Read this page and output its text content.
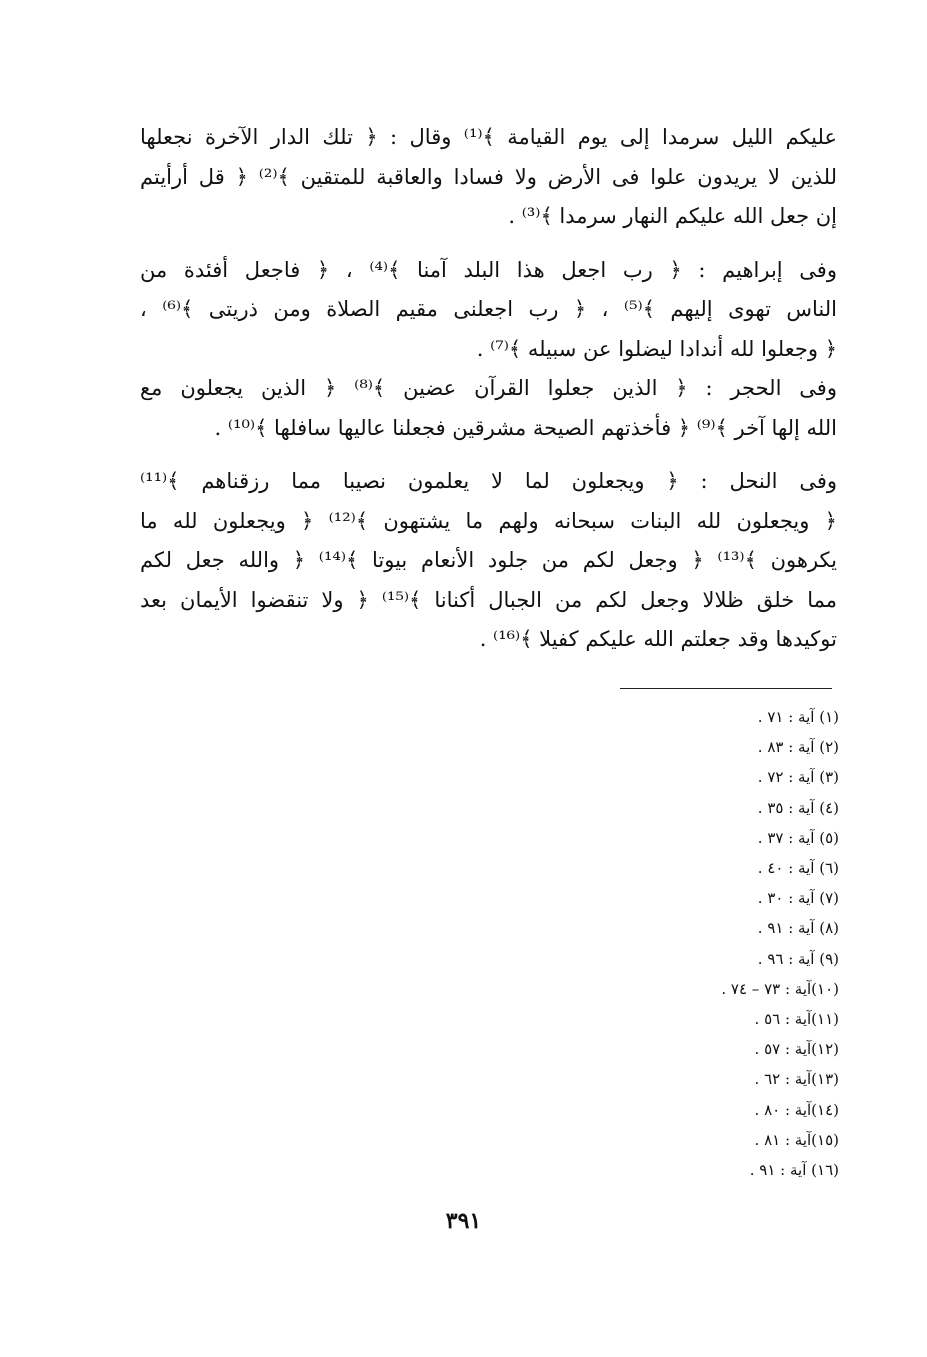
عليكم الليل سرمدا إلى يوم القيامة ﴾⁽¹⁾ وقال : ﴿ تلك الدار الآخرة نجعلها
للذين لا يريدون علوا فى الأرض ولا فسادا والعاقبة للمتقين ﴾⁽²⁾ ﴿ قل أرأيتم
إن جعل الله عليكم النهار سرمدا ﴾⁽³⁾ .

وفى إبراهيم : ﴿ رب اجعل هذا البلد آمنا ﴾⁽⁴⁾ ، ﴿ فاجعل أفئدة من
الناس تهوى إليهم ﴾⁽⁵⁾ ، ﴿ رب اجعلنى مقيم الصلاة ومن ذريتى ﴾⁽⁶⁾ ،
﴿ وجعلوا لله أندادا ليضلوا عن سبيله ﴾⁽⁷⁾ .

وفى الحجر : ﴿ الذين جعلوا القرآن عضين ﴾⁽⁸⁾ ﴿ الذين يجعلون مع
الله إلها آخر ﴾⁽⁹⁾ ﴿ فأخذتهم الصيحة مشرقين فجعلنا عاليها سافلها ﴾⁽¹⁰⁾ .

وفى النحل : ﴿ ويجعلون لما لا يعلمون نصيبا مما رزقناهم ﴾⁽¹¹⁾
﴿ ويجعلون لله البنات سبحانه ولهم ما يشتهون ﴾⁽¹²⁾ ﴿ ويجعلون لله ما
يكرهون ﴾⁽¹³⁾ ﴿ وجعل لكم من جلود الأنعام بيوتا ﴾⁽¹⁴⁾ ﴿ والله جعل لكم
مما خلق ظلالا وجعل لكم من الجبال أكنانا ﴾⁽¹⁵⁾ ﴿ ولا تنقضوا الأيمان بعد
توكيدها وقد جعلتم الله عليكم كفيلا ﴾⁽¹⁶⁾ .

(١) آية : ٧١ .
(٢) آية : ٨٣ .
(٣) آية : ٧٢ .
(٤) آية : ٣٥ .
(٥) آية : ٣٧ .
(٦) آية : ٤٠ .
(٧) آية : ٣٠ .
(٨) آية : ٩١ .
(٩) آية : ٩٦ .
(١٠)آية : ٧٣ – ٧٤ .
(١١)آية : ٥٦ .
(١٢)آية : ٥٧ .
(١٣)آية : ٦٢ .
(١٤)آية : ٨٠ .
(١٥)آية : ٨١ .
(١٦) آية : ٩١ .
٣٩١
